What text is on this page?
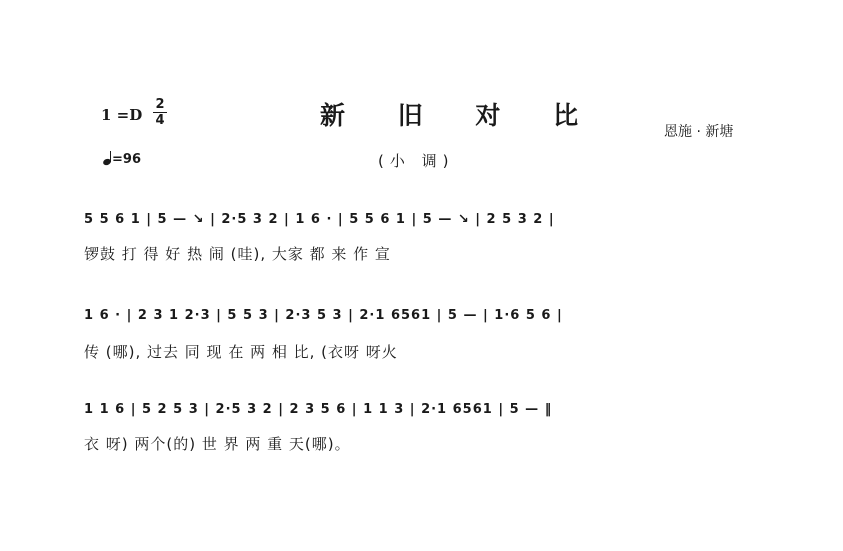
新 旧 对 比
(小 调)
1 =D
2
4
=96
恩施 · 新塘
5 5 6 1 | 5 — ↘ | 2·5 3 2 | 1 6 · | 5 5 6 1 | 5 — ↘ | 2 5 3 2 |
锣鼓 打 得 好 热 闹 (哇), 大家 都 来 作 宣
1 6 · | 2 3 1 2·3 | 5 5 3 | 2·3 5 3 | 2·1 6561 | 5 — | 1·6 5 6 |
传 (哪), 过去 同 现 在 两 相 比, (衣呀 呀火
1 1 6 | 5 2 5 3 | 2·5 3 2 | 2 3 5 6 | 1 1 3 | 2·1 6561 | 5 — ‖
衣 呀) 两个(的) 世 界 两 重 天(哪)。
